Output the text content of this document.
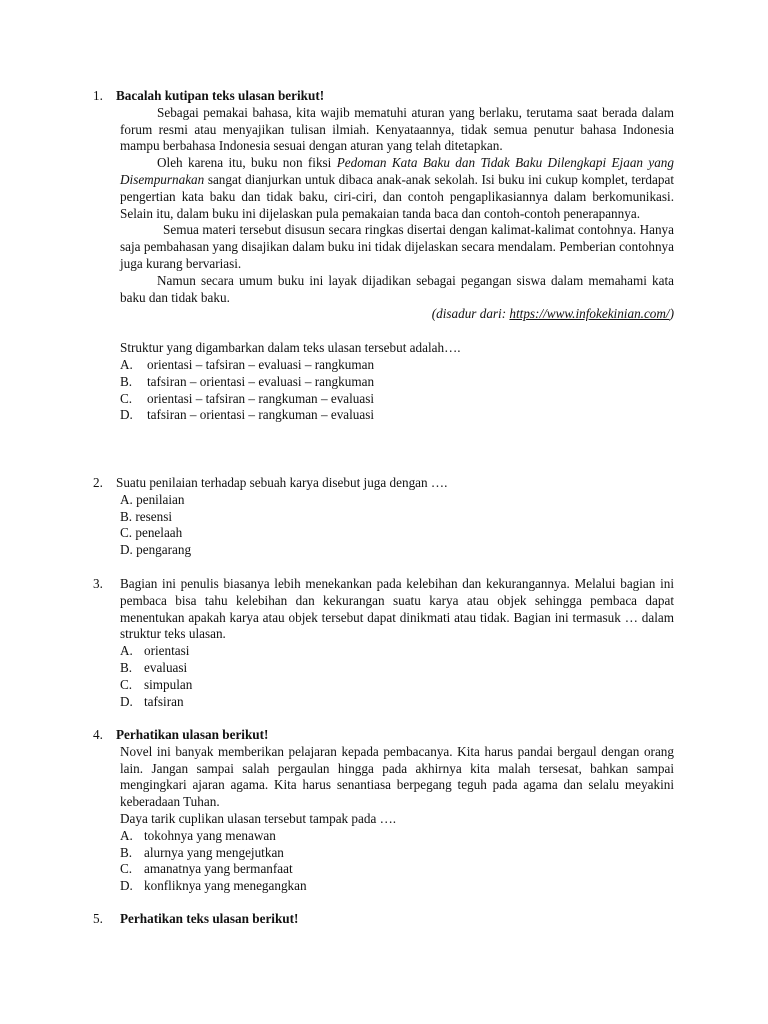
1. Bacalah kutipan teks ulasan berikut!

Sebagai pemakai bahasa, kita wajib mematuhi aturan yang berlaku, terutama saat berada dalam forum resmi atau menyajikan tulisan ilmiah. Kenyataannya, tidak semua penutur bahasa Indonesia mampu berbahasa Indonesia sesuai dengan aturan yang telah ditetapkan.

Oleh karena itu, buku non fiksi Pedoman Kata Baku dan Tidak Baku Dilengkapi Ejaan yang Disempurnakan sangat dianjurkan untuk dibaca anak-anak sekolah. Isi buku ini cukup komplet, terdapat pengertian kata baku dan tidak baku, ciri-ciri, dan contoh pengaplikasiannya dalam berkomunikasi. Selain itu, dalam buku ini dijelaskan pula pemakaian tanda baca dan contoh-contoh penerapannya.

Semua materi tersebut disusun secara ringkas disertai dengan kalimat-kalimat contohnya. Hanya saja pembahasan yang disajikan dalam buku ini tidak dijelaskan secara mendalam. Pemberian contohnya juga kurang bervariasi.

Namun secara umum buku ini layak dijadikan sebagai pegangan siswa dalam memahami kata baku dan tidak baku.

(disadur dari: https://www.infokekinian.com/)

Struktur yang digambarkan dalam teks ulasan tersebut adalah….

A.	orientasi – tafsiran – evaluasi – rangkuman
B.	tafsiran – orientasi – evaluasi – rangkuman
C.	orientasi – tafsiran – rangkuman – evaluasi
D.	tafsiran – orientasi – rangkuman – evaluasi
2. Suatu penilaian terhadap sebuah karya disebut juga dengan ….
A. penilaian
B. resensi
C. penelaah
D. pengarang
3. Bagian ini penulis biasanya lebih menekankan pada kelebihan dan kekurangannya. Melalui bagian ini pembaca bisa tahu kelebihan dan kekurangan suatu karya atau objek sehingga pembaca dapat menentukan apakah karya atau objek tersebut dapat dinikmati atau tidak. Bagian ini termasuk … dalam struktur teks ulasan.

A. orientasi
B. evaluasi
C. simpulan
D. tafsiran
4. Perhatikan ulasan berikut!

Novel ini banyak memberikan pelajaran kepada pembacanya. Kita harus pandai bergaul dengan orang lain. Jangan sampai salah pergaulan hingga pada akhirnya kita malah tersesat, bahkan sampai mengingkari ajaran agama. Kita harus senantiasa berpegang teguh pada agama dan selalu meyakini keberadaan Tuhan.

Daya tarik cuplikan ulasan tersebut tampak pada ….

A. tokohnya yang menawan
B. alurnya yang mengejutkan
C. amanatnya yang bermanfaat
D. konfliknya yang menegangkan
5.	Perhatikan teks ulasan berikut!
